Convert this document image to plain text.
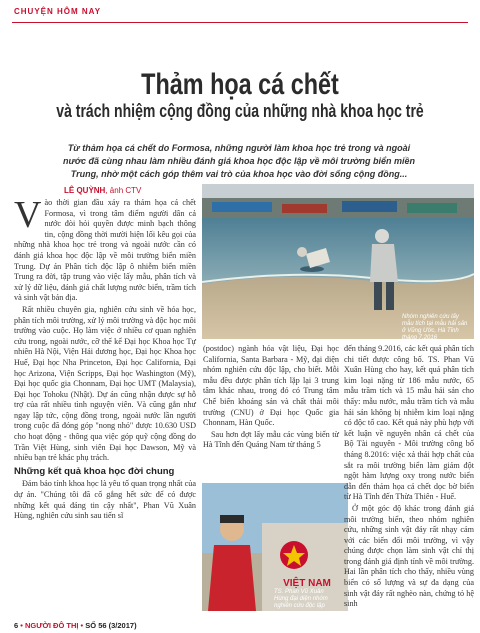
CHUYỆN HÔM NAY
Thảm họa cá chết
và trách nhiệm cộng đồng của những nhà khoa học trẻ
Từ thảm họa cá chết do Formosa, những người làm khoa học trẻ trong và ngoài nước đã cùng nhau làm nhiều đánh giá khoa học độc lập về môi trường biển miền Trung, nhờ một cách góp thêm vai trò của khoa học vào đời sống cộng đồng...
LÊ QUỲNH, ảnh CTV

Vào thời gian đầu xảy ra thảm họa cá chết Formosa, vì trong tâm điểm người dân cả nước đòi hỏi quyền được minh bạch thông tin, cộng đồng thời mười hiện lối kêu gọi của những nhà khoa học trẻ trong và ngoài nước cần có đánh giá khoa học độc lập về môi trường biển miền Trung. Dự án Phân tích độc lập ô nhiễm biển miền Trung ra đời, tập trung vào việc lấy mẫu, phân tích và xử lý dữ liệu, đánh giá chất lượng nước biển, trầm tích và sinh vật bản địa.

Rất nhiều chuyên gia, nghiên cứu sinh về hóa học, phân tích môi trường, xử lý môi trường và độc học môi trường vào cuộc. Họ làm việc ở nhiều cơ quan nghiên cứu trong, ngoài nước, cỡ thế kể Đại học Khoa học Tự nhiên Hà Nội, Viện Hải dương học, Đại học Khoa học Huế, Đại học Nha Princeton, Đại học California, Đại học Arizona, Viện Scripps, Đại học Washington (Mỹ), Đại học quốc gia Chonnam, Đại học UMT (Malaysia), Đại học Tohoku (Nhật). Dự án cũng nhận được sự hỗ trợ của rất nhiều tình nguyện viên. Và cũng gắn như ngay lập tức, cộng đồng trong, ngoài nước lần người trong cuộc đã đóng góp "nong nhỏ" được 10.630 USD cho hoạt động - thông qua việc góp quỹ cộng đồng do Trần Việt Hùng, sinh viên Đại học Dawson, Mỹ và nhiều bạn trẻ khác phụ trách.

Những kết quả khoa học đời chung

Đảm bảo tính khoa học là yêu tố quan trọng nhất của dự án. "Chúng tôi đã cố gắng hết sức để có được những kết quả đáng tin cậy nhất", Phan Vũ Xuân Hùng, nghiên cứu sinh sau tiến sĩ

Nhóm nghiên cứu lấy mẫu tích tại mẫu hải sản ở Vũng Ước, Hà Tĩnh tháng 7.2016

(postdoc) ngành hóa vật liệu, Đại học California, Santa Barbara - Mỹ, đại diện nhóm nghiên cứu độc lập, cho biết. Mỗi mẫu đều được phân tích lặp lại 3 trung tâm khác nhau, trong đó có Trung tâm Chế biến khoáng sản và chất thải môi trường (CNU) ở Đại học Quốc gia Chonnam, Hàn Quốc.

Sau hơn đợt lấy mẫu các vùng biển từ Hà Tĩnh đến Quảng Nam từ tháng 5

VIỆT NAM
TS. Phan Vũ Xuân
Hùng đại diện nhóm
nghiên cứu độc lập

đến tháng 9.2016, các kết quả phân tích chi tiết được công bố. TS. Phan Vũ Xuân Hùng cho hay, kết quả phân tích kim loại nặng từ 186 mẫu nước, 65 mẫu trầm tích và 15 mẫu hải sản cho thấy: mẫu nước, mẫu trầm tích và mẫu hải sản không bị nhiễm kim loại nặng có độc tố cao. Kết quả này phù hợp với kết luận về nguyên nhân cá chết của Bộ Tài nguyên - Môi trường công bố tháng 8.2016: việc xả thải hợp chất của sắt ra môi trường biển làm giảm đột ngột hàm lượng oxy trong nước biển dẫn đến thảm họa cá chết dọc bờ biển từ Hà Tĩnh đến Thừa Thiên - Huế.

Ở một góc độ khác trong đánh giá môi trường biển, theo nhóm nghiên cứu, những sinh vật đáy rất nhạy cảm với các biến đổi môi trường, vì vậy chúng được chọn làm sinh vật chỉ thị trong đánh giá định tính về môi trường. Hai lần phân tích cho thấy, nhiều vùng biển có số lượng và sự đa dạng của sinh vật đáy rất nghèo nàn, chứng tỏ hệ sinh

6 • NGƯỜI ĐÔ THỊ • SỐ 56 (3/2017)
